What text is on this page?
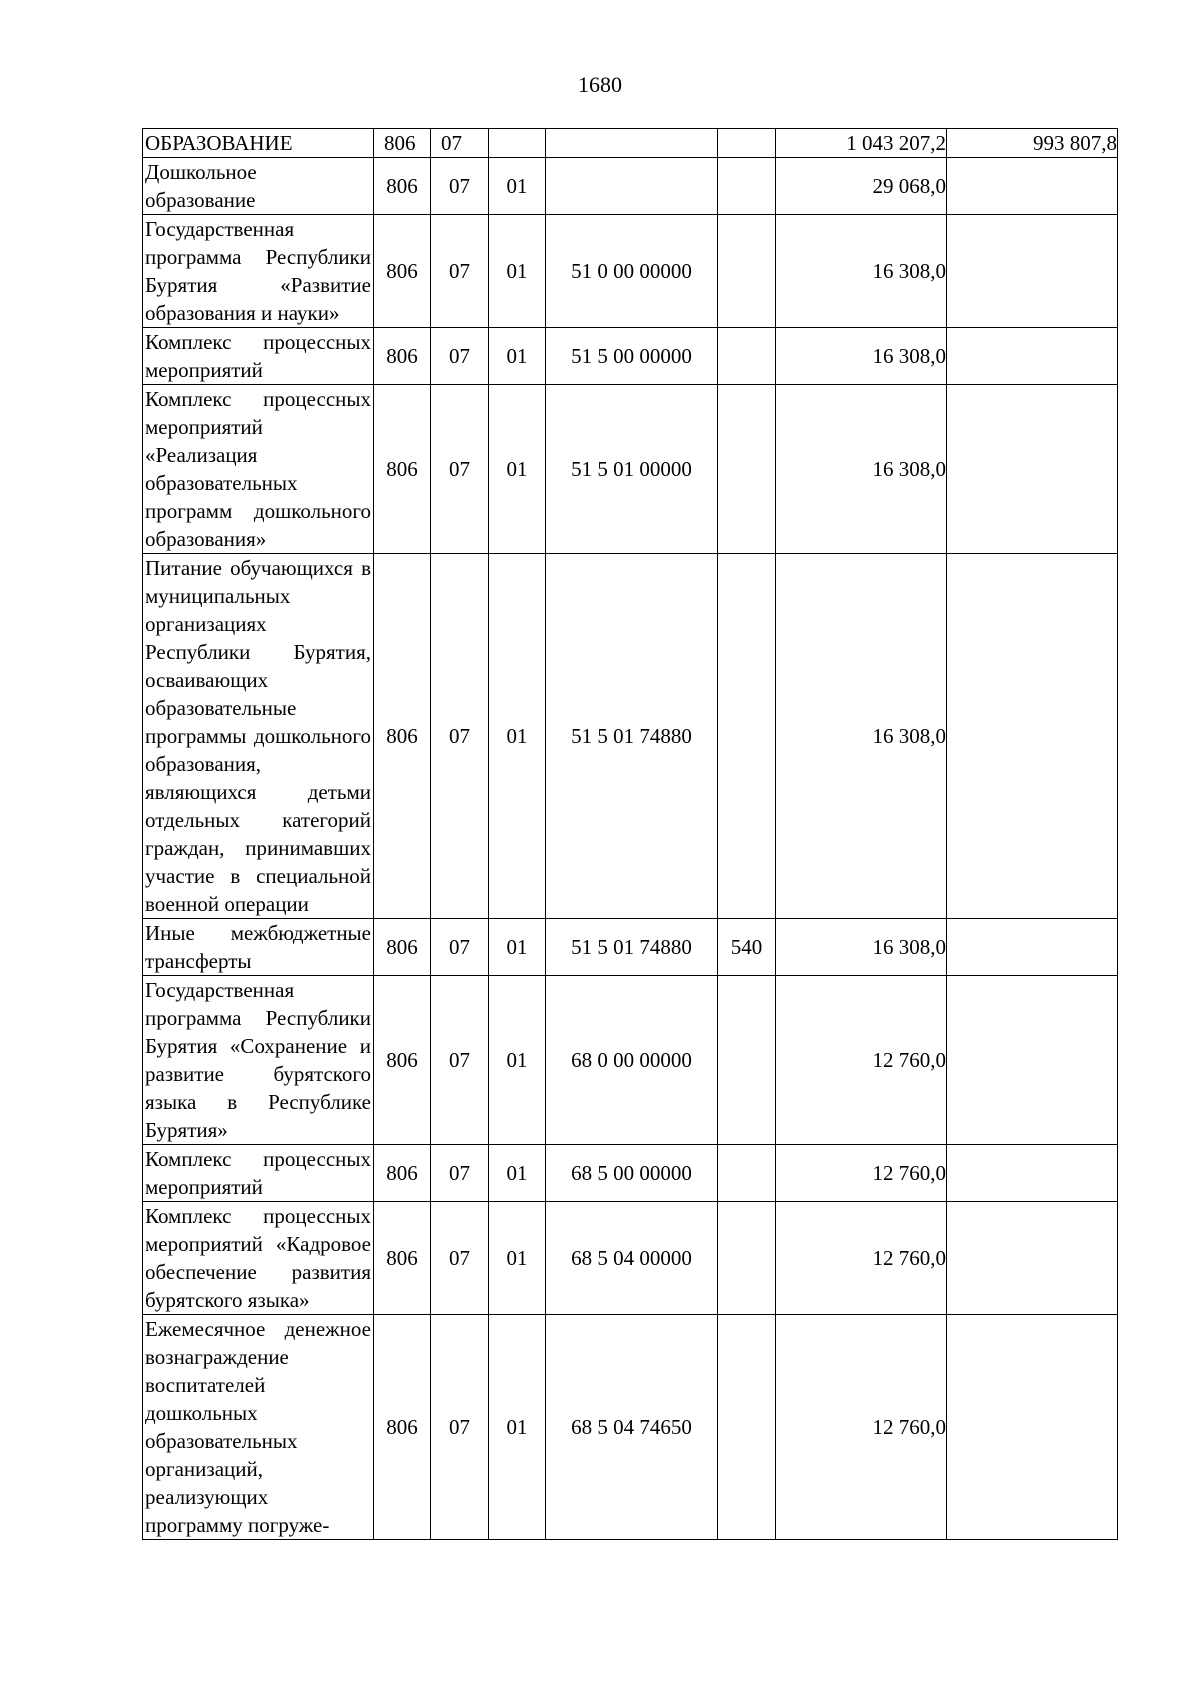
1680
ОБРАЗОВАНИЕ	806	07				1 043 207,2	993 807,8
Дошкольное образование	806	07	01			29 068,0	
Государственная программа Республики Бурятия «Развитие образования и науки»	806	07	01	51 0 00 00000		16 308,0	
Комплекс процессных мероприятий	806	07	01	51 5 00 00000		16 308,0	
Комплекс процессных мероприятий «Реализация образовательных программ дошкольного образования»	806	07	01	51 5 01 00000		16 308,0	
Питание обучающихся в муниципальных организациях Республики Бурятия, осваивающих образовательные программы дошкольного образования, являющихся детьми отдельных категорий граждан, принимавших участие в специальной военной операции	806	07	01	51 5 01 74880		16 308,0	
Иные межбюджетные трансферты	806	07	01	51 5 01 74880	540	16 308,0	
Государственная программа Республики Бурятия «Сохранение и развитие бурятского языка в Республике Бурятия»	806	07	01	68 0 00 00000		12 760,0	
Комплекс процессных мероприятий	806	07	01	68 5 00 00000		12 760,0	
Комплекс процессных мероприятий «Кадровое обеспечение развития бурятского языка»	806	07	01	68 5 04 00000		12 760,0	
Ежемесячное денежное вознаграждение воспитателей дошкольных образовательных организаций, реализующих программу погруже-	806	07	01	68 5 04 74650		12 760,0	
